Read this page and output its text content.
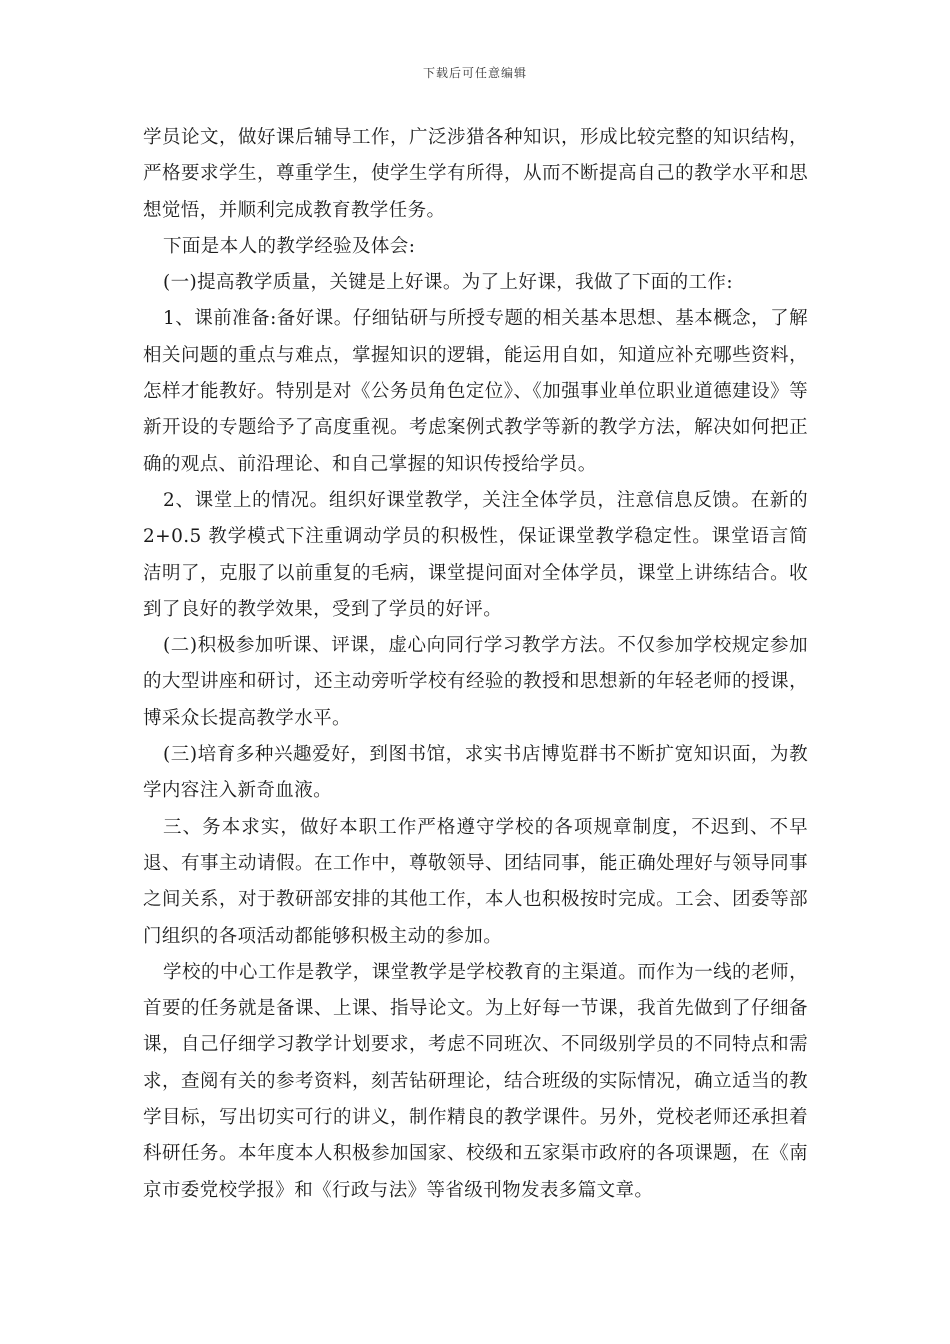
下载后可任意编辑

学员论文，做好课后辅导工作，广泛涉猎各种知识，形成比较完整的知识结构，严格要求学生，尊重学生，使学生学有所得，从而不断提高自己的教学水平和思想觉悟，并顺利完成教育教学任务。

下面是本人的教学经验及体会:

(一)提高教学质量，关键是上好课。为了上好课，我做了下面的工作:

1、课前准备:备好课。仔细钻研与所授专题的相关基本思想、基本概念，了解相关问题的重点与难点，掌握知识的逻辑，能运用自如，知道应补充哪些资料，怎样才能教好。特别是对《公务员角色定位》、《加强事业单位职业道德建设》等新开设的专题给予了高度重视。考虑案例式教学等新的教学方法，解决如何把正确的观点、前沿理论、和自己掌握的知识传授给学员。

2、课堂上的情况。组织好课堂教学，关注全体学员，注意信息反馈。在新的2+0.5 教学模式下注重调动学员的积极性，保证课堂教学稳定性。课堂语言简洁明了，克服了以前重复的毛病，课堂提问面对全体学员，课堂上讲练结合。收到了良好的教学效果，受到了学员的好评。

(二)积极参加听课、评课，虚心向同行学习教学方法。不仅参加学校规定参加的大型讲座和研讨，还主动旁听学校有经验的教授和思想新的年轻老师的授课，博采众长提高教学水平。

(三)培育多种兴趣爱好，到图书馆，求实书店博览群书不断扩宽知识面，为教学内容注入新奇血液。

三、务本求实，做好本职工作严格遵守学校的各项规章制度，不迟到、不早退、有事主动请假。在工作中，尊敬领导、团结同事，能正确处理好与领导同事之间关系，对于教研部安排的其他工作，本人也积极按时完成。工会、团委等部门组织的各项活动都能够积极主动的参加。

学校的中心工作是教学，课堂教学是学校教育的主渠道。而作为一线的老师，首要的任务就是备课、上课、指导论文。为上好每一节课，我首先做到了仔细备课，自己仔细学习教学计划要求，考虑不同班次、不同级别学员的不同特点和需求，查阅有关的参考资料，刻苦钻研理论，结合班级的实际情况，确立适当的教学目标，写出切实可行的讲义，制作精良的教学课件。另外，党校老师还承担着科研任务。本年度本人积极参加国家、校级和五家渠市政府的各项课题，在《南京市委党校学报》和《行政与法》等省级刊物发表多篇文章。
